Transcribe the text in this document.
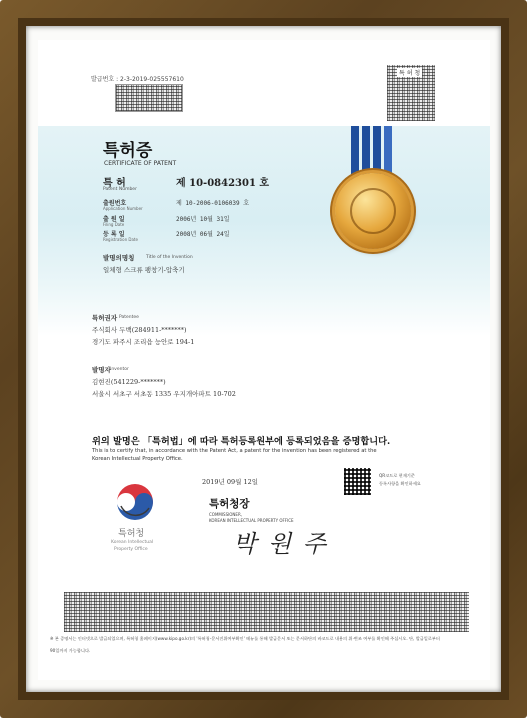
발급번호 : 2-3-2019-025557610
특 허 청
특허증
CERTIFICATE OF PATENT
특 허
Patent Number
제 10-0842301 호
출원번호
Application Number
제 10-2006-0106039 호
출 원 일
Filing Date
2006년 10월 31일
등 록 일
Registration Date
2008년 06월 24일
발명의명칭	Title of the Invention
일체형 스크류 팽창기-압축기
특허권자 Patentee
주식회사 두백(284911-*******)
경기도 파주시 조리읍 능안로 194-1
발명자 Inventor
김현진(541229-*******)
서울시 서초구 서초동 1335 우지개아파트 10-702
위의 발명은 「특허법」에 따라 특허등록원부에 등록되었음을 증명합니다.
This is to certify that, in accordance with the Patent Act, a patent for the invention has been registered at the
Korean Intellectual Property Office.
2019년 09월 12일
QR코드로 현재기준
등록사항을 확인하세요
특허청
Korean Intellectual
Property Office
특허청장
COMMISSIONER,
KOREAN INTELLECTUAL PROPERTY OFFICE
박 원 주
※ 본 증명서는 인터넷으로 발급되었으며, 특허청 홈페이지(www.kipo.go.kr)의 '특허청-문서진위여부확인' 메뉴를 통해 발급문서 또는 문서하단의 바코드로 내용의 위·변조 여부를 확인해 주십시오. 단, 발급일로부터
90일까지 가능합니다.
